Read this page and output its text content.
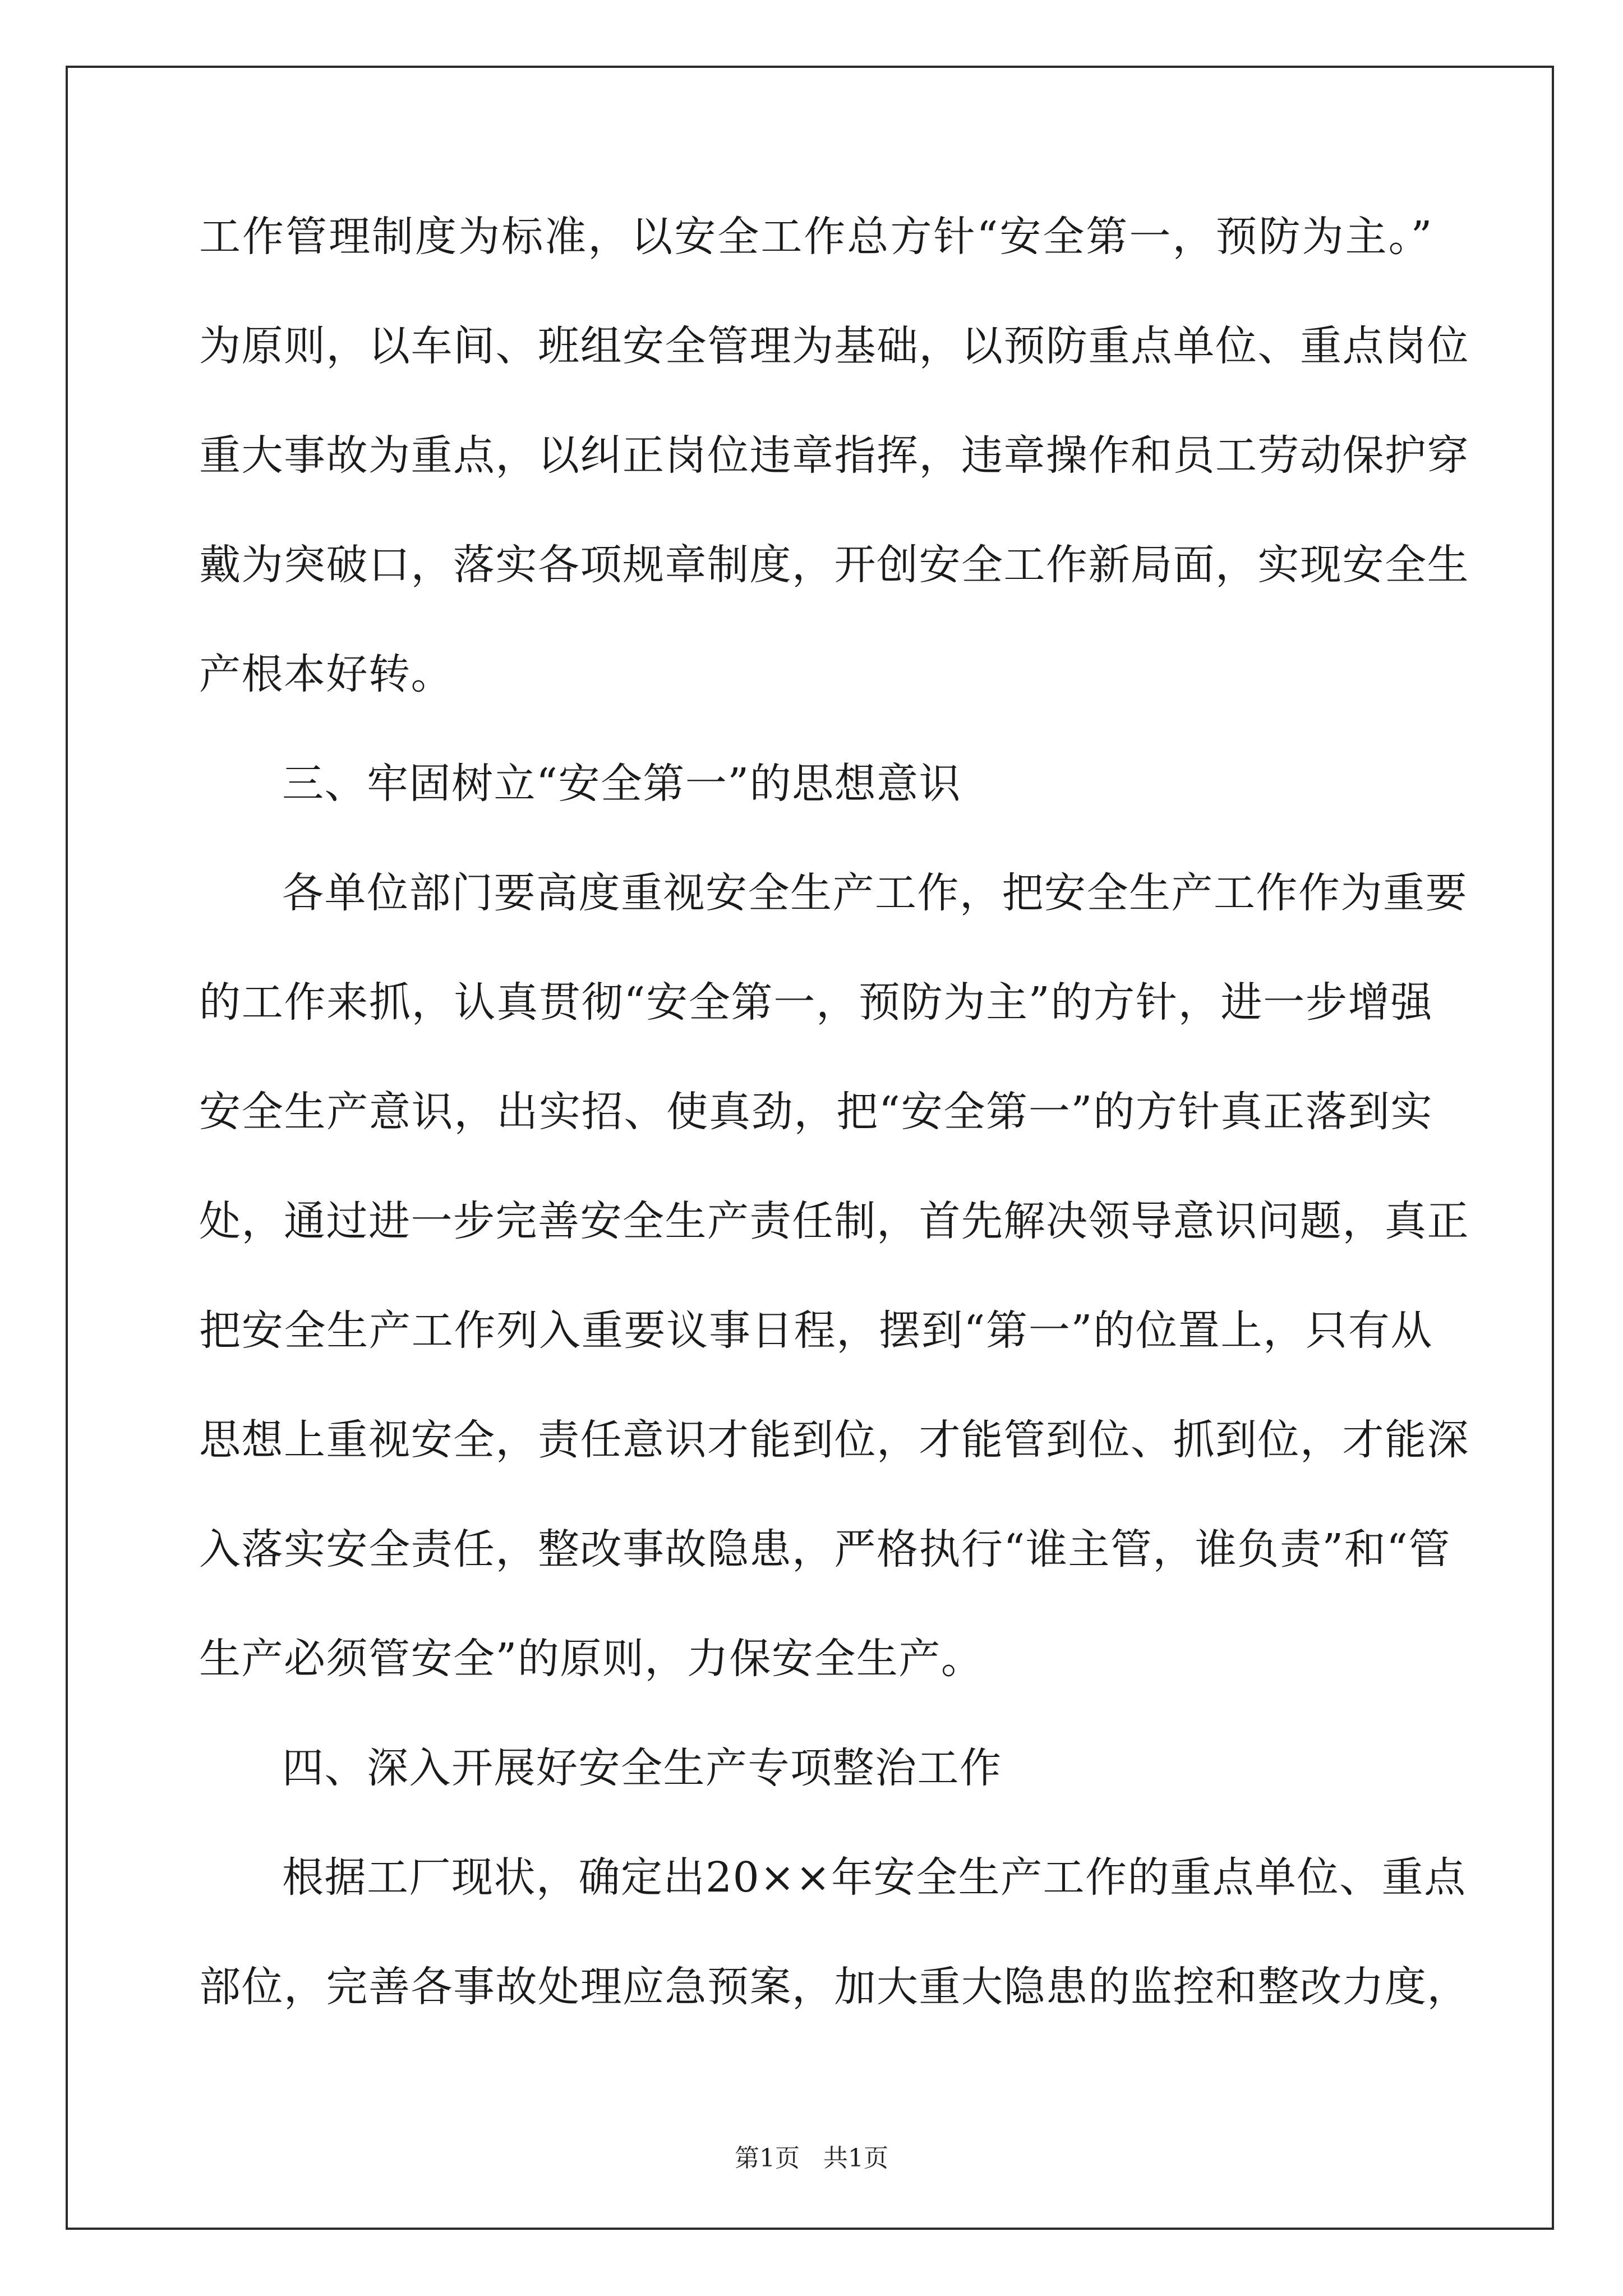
工作管理制度为标准，以安全工作总方针“安全第一，预防为主。”
为原则，以车间、班组安全管理为基础，以预防重点单位、重点岗位
重大事故为重点，以纠正岗位违章指挥，违章操作和员工劳动保护穿
戴为突破口，落实各项规章制度，开创安全工作新局面，实现安全生
产根本好转。
三、牢固树立“安全第一”的思想意识
各单位部门要高度重视安全生产工作，把安全生产工作作为重要
的工作来抓，认真贯彻“安全第一，预防为主”的方针，进一步增强
安全生产意识，出实招、使真劲，把“安全第一”的方针真正落到实
处，通过进一步完善安全生产责任制，首先解决领导意识问题，真正
把安全生产工作列入重要议事日程，摆到“第一”的位置上，只有从
思想上重视安全，责任意识才能到位，才能管到位、抓到位，才能深
入落实安全责任，整改事故隐患，严格执行“谁主管，谁负责”和“管
生产必须管安全”的原则，力保安全生产。
四、深入开展好安全生产专项整治工作
根据工厂现状，确定出20××年安全生产工作的重点单位、重点
部位，完善各事故处理应急预案，加大重大隐患的监控和整改力度，
第1页   共1页
